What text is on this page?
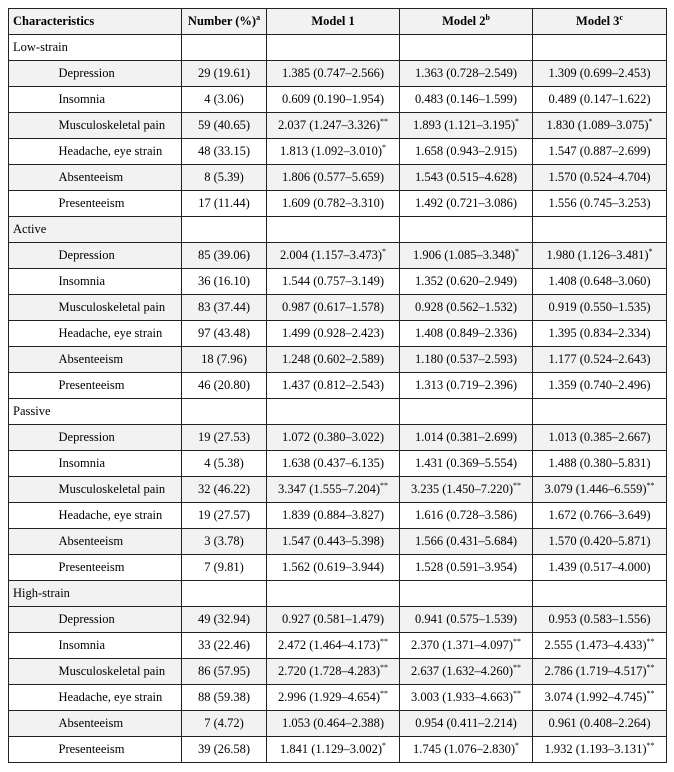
Characteristics		Number (%)$^a$	Model 1	Model 2$^b$	Model 3$^c$
Low-strain					
	Depression	29 (19.61)	1.385 (0.747–2.566)	1.363 (0.728–2.549)	1.309 (0.699–2.453)
	Insomnia	4 (3.06)	0.609 (0.190–1.954)	0.483 (0.146–1.599)	0.489 (0.147–1.622)
	Musculoskeletal pain	59 (40.65)	2.037 (1.247–3.326)**	1.893 (1.121–3.195)*	1.830 (1.089–3.075)*
	Headache, eye strain	48 (33.15)	1.813 (1.092–3.010)*	1.658 (0.943–2.915)	1.547 (0.887–2.699)
	Absenteeism	8 (5.39)	1.806 (0.577–5.659)	1.543 (0.515–4.628)	1.570 (0.524–4.704)
	Presenteeism	17 (11.44)	1.609 (0.782–3.310)	1.492 (0.721–3.086)	1.556 (0.745–3.253)
Active					
	Depression	85 (39.06)	2.004 (1.157–3.473)*	1.906 (1.085–3.348)*	1.980 (1.126–3.481)*
	Insomnia	36 (16.10)	1.544 (0.757–3.149)	1.352 (0.620–2.949)	1.408 (0.648–3.060)
	Musculoskeletal pain	83 (37.44)	0.987 (0.617–1.578)	0.928 (0.562–1.532)	0.919 (0.550–1.535)
	Headache, eye strain	97 (43.48)	1.499 (0.928–2.423)	1.408 (0.849–2.336)	1.395 (0.834–2.334)
	Absenteeism	18 (7.96)	1.248 (0.602–2.589)	1.180 (0.537–2.593)	1.177 (0.524–2.643)
	Presenteeism	46 (20.80)	1.437 (0.812–2.543)	1.313 (0.719–2.396)	1.359 (0.740–2.496)
Passive					
	Depression	19 (27.53)	1.072 (0.380–3.022)	1.014 (0.381–2.699)	1.013 (0.385–2.667)
	Insomnia	4 (5.38)	1.638 (0.437–6.135)	1.431 (0.369–5.554)	1.488 (0.380–5.831)
	Musculoskeletal pain	32 (46.22)	3.347 (1.555–7.204)**	3.235 (1.450–7.220)**	3.079 (1.446–6.559)**
	Headache, eye strain	19 (27.57)	1.839 (0.884–3.827)	1.616 (0.728–3.586)	1.672 (0.766–3.649)
	Absenteeism	3 (3.78)	1.547 (0.443–5.398)	1.566 (0.431–5.684)	1.570 (0.420–5.871)
	Presenteeism	7 (9.81)	1.562 (0.619–3.944)	1.528 (0.591–3.954)	1.439 (0.517–4.000)
High-strain					
	Depression	49 (32.94)	0.927 (0.581–1.479)	0.941 (0.575–1.539)	0.953 (0.583–1.556)
	Insomnia	33 (22.46)	2.472 (1.464–4.173)**	2.370 (1.371–4.097)**	2.555 (1.473–4.433)**
	Musculoskeletal pain	86 (57.95)	2.720 (1.728–4.283)**	2.637 (1.632–4.260)**	2.786 (1.719–4.517)**
	Headache, eye strain	88 (59.38)	2.996 (1.929–4.654)**	3.003 (1.933–4.663)**	3.074 (1.992–4.745)**
	Absenteeism	7 (4.72)	1.053 (0.464–2.388)	0.954 (0.411–2.214)	0.961 (0.408–2.264)
	Presenteeism	39 (26.58)	1.841 (1.129–3.002)*	1.745 (1.076–2.830)*	1.932 (1.193–3.131)**
